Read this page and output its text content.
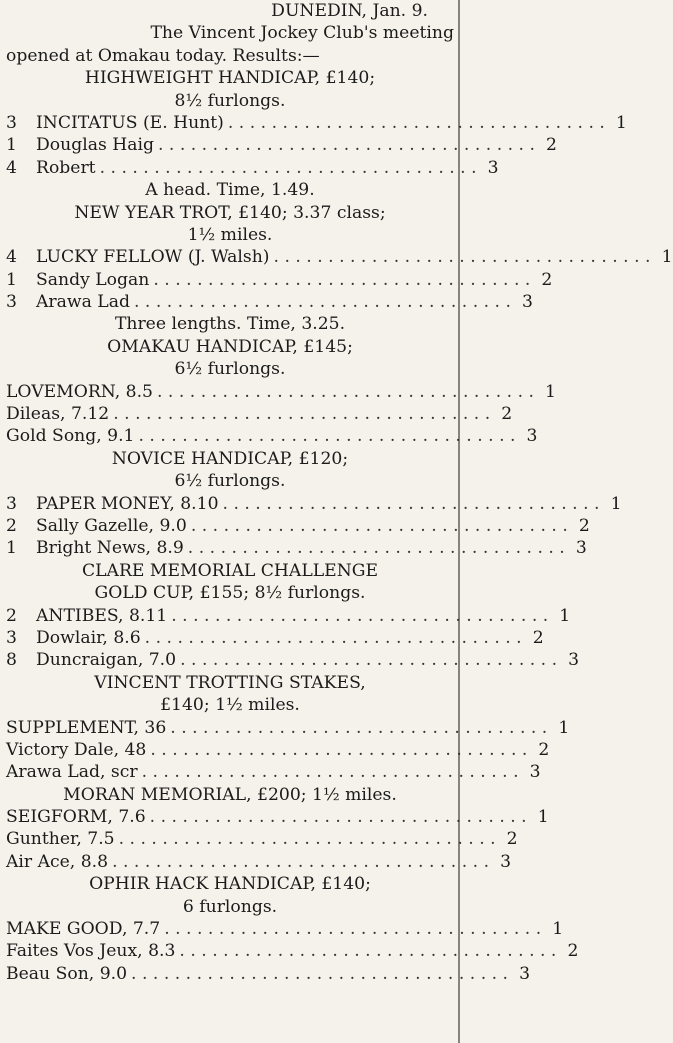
DUNEDIN, Jan. 9.
The Vincent Jockey Club's meeting
opened at Omakau today. Results:—
HIGHWEIGHT HANDICAP, £140;
8½ furlongs.
3	INCITATUS (E. Hunt) . . . . . . . . . . . . . . . . . . . . . . . . . . . . . . . . . . . 1
1	Douglas Haig . . . . . . . . . . . . . . . . . . . . . . . . . . . . . . . . . . . 2
4	Robert . . . . . . . . . . . . . . . . . . . . . . . . . . . . . . . . . . . 3
A head. Time, 1.49.
NEW YEAR TROT, £140; 3.37 class;
1½ miles.
4	LUCKY FELLOW (J. Walsh) . . . . . . . . . . . . . . . . . . . . . . . . . . . . . . . . . . . 1
1	Sandy Logan . . . . . . . . . . . . . . . . . . . . . . . . . . . . . . . . . . . 2
3	Arawa Lad . . . . . . . . . . . . . . . . . . . . . . . . . . . . . . . . . . . 3
Three lengths. Time, 3.25.
OMAKAU HANDICAP, £145;
6½ furlongs.
LOVEMORN, 8.5 . . . . . . . . . . . . . . . . . . . . . . . . . . . . . . . . . . . 1
Dileas, 7.12 . . . . . . . . . . . . . . . . . . . . . . . . . . . . . . . . . . . 2
Gold Song, 9.1 . . . . . . . . . . . . . . . . . . . . . . . . . . . . . . . . . . . 3
NOVICE HANDICAP, £120;
6½ furlongs.
3	PAPER MONEY, 8.10 . . . . . . . . . . . . . . . . . . . . . . . . . . . . . . . . . . . 1
2	Sally Gazelle, 9.0 . . . . . . . . . . . . . . . . . . . . . . . . . . . . . . . . . . . 2
1	Bright News, 8.9 . . . . . . . . . . . . . . . . . . . . . . . . . . . . . . . . . . . 3
CLARE MEMORIAL CHALLENGE
GOLD CUP, £155; 8½ furlongs.
2	ANTIBES, 8.11 . . . . . . . . . . . . . . . . . . . . . . . . . . . . . . . . . . . 1
3	Dowlair, 8.6 . . . . . . . . . . . . . . . . . . . . . . . . . . . . . . . . . . . 2
8	Duncraigan, 7.0 . . . . . . . . . . . . . . . . . . . . . . . . . . . . . . . . . . . 3
VINCENT TROTTING STAKES,
£140; 1½ miles.
SUPPLEMENT, 36 . . . . . . . . . . . . . . . . . . . . . . . . . . . . . . . . . . . 1
Victory Dale, 48 . . . . . . . . . . . . . . . . . . . . . . . . . . . . . . . . . . . 2
Arawa Lad, scr . . . . . . . . . . . . . . . . . . . . . . . . . . . . . . . . . . . 3
MORAN MEMORIAL, £200; 1½ miles.
SEIGFORM, 7.6 . . . . . . . . . . . . . . . . . . . . . . . . . . . . . . . . . . . 1
Gunther, 7.5 . . . . . . . . . . . . . . . . . . . . . . . . . . . . . . . . . . . 2
Air Ace, 8.8 . . . . . . . . . . . . . . . . . . . . . . . . . . . . . . . . . . . 3
OPHIR HACK HANDICAP, £140;
6 furlongs.
MAKE GOOD, 7.7 . . . . . . . . . . . . . . . . . . . . . . . . . . . . . . . . . . . 1
Faites Vos Jeux, 8.3 . . . . . . . . . . . . . . . . . . . . . . . . . . . . . . . . . . . 2
Beau Son, 9.0 . . . . . . . . . . . . . . . . . . . . . . . . . . . . . . . . . . . 3
